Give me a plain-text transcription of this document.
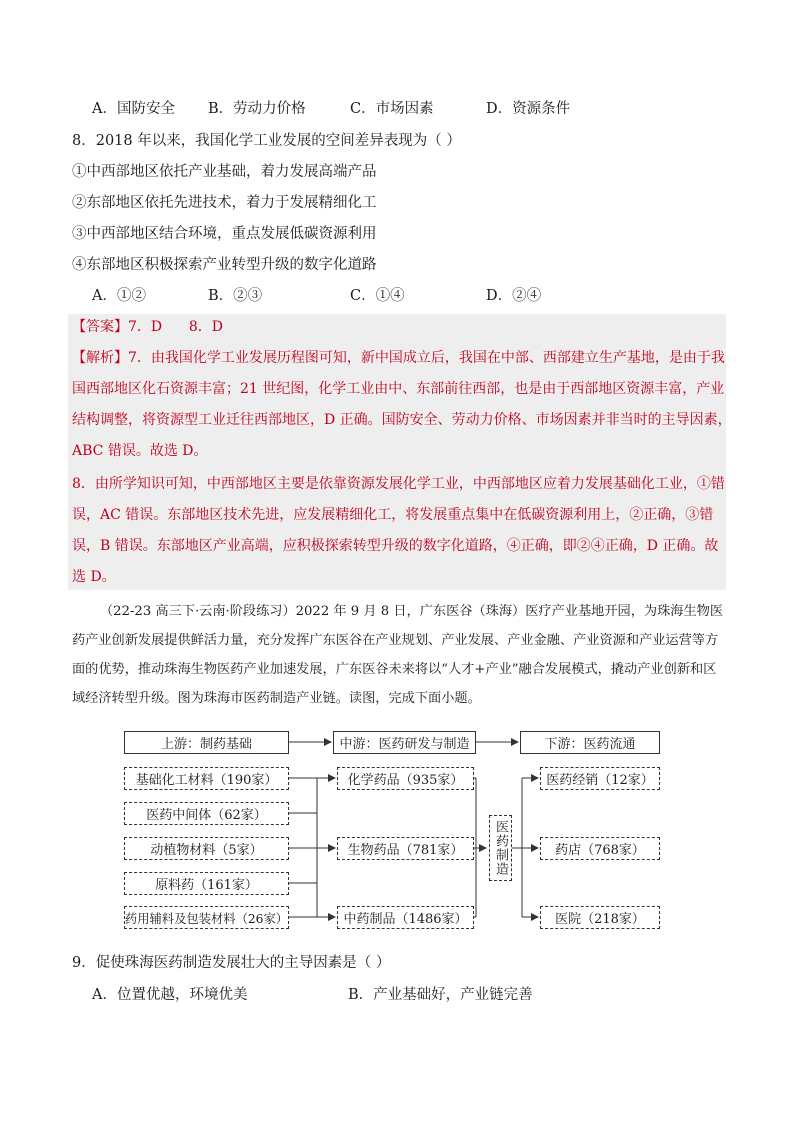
A．国防安全 B．劳动力价格	C．市场因素	D．资源条件
8．2018 年以来，我国化学工业发展的空间差异表现为（ ）
①中西部地区依托产业基础，着力发展高端产品
②东部地区依托先进技术，着力于发展精细化工
③中西部地区结合环境，重点发展低碳资源利用
④东部地区积极探索产业转型升级的数字化道路
A．①②	B．②③	C．①④	D．②④
【答案】7．D      8．D
【解析】7．由我国化学工业发展历程图可知，新中国成立后，我国在中部、西部建立生产基地，是由于我
国西部地区化石资源丰富；21 世纪图，化学工业由中、东部前往西部，也是由于西部地区资源丰富，产业
结构调整，将资源型工业迁往西部地区，D 正确。国防安全、劳动力价格、市场因素并非当时的主导因素，
ABC 错误。故选 D。
8．由所学知识可知，中西部地区主要是依靠资源发展化学工业，中西部地区应着力发展基础化工业，①错
误，AC 错误。东部地区技术先进，应发展精细化工，将发展重点集中在低碳资源利用上，②正确，③错
误，B 错误。东部地区产业高端，应积极探索转型升级的数字化道路，④正确，即②④正确，D 正确。故
选 D。
（22-23 高三下·云南·阶段练习）2022 年 9 月 8 日，广东医谷（珠海）医疗产业基地开园，为珠海生物医药产业创新发展提供鲜活力量，充分发挥广东医谷在产业规划、产业发展、产业金融、产业资源和产业运营等方面的优势，推动珠海生物医药产业加速发展，广东医谷未来将以“人才+产业”融合发展模式，撬动产业创新和区域经济转型升级。图为珠海市医药制造产业链。读图，完成下面小题。
上游：制药基础	中游：医药研发与制造	下游：医药流通
基础化工材料（190家）
医药中间体（62家）
动植物材料（5家）
原料药（161家）
药用辅料及包装材料（26家）
化学药品（935家）
生物药品（781家）
中药制品（1486家）
医药制造
医药经销（12家）
药店（768家）
医院（218家）
9．促使珠海医药制造发展壮大的主导因素是（ ）
A．位置优越，环境优美	B．产业基础好，产业链完善
